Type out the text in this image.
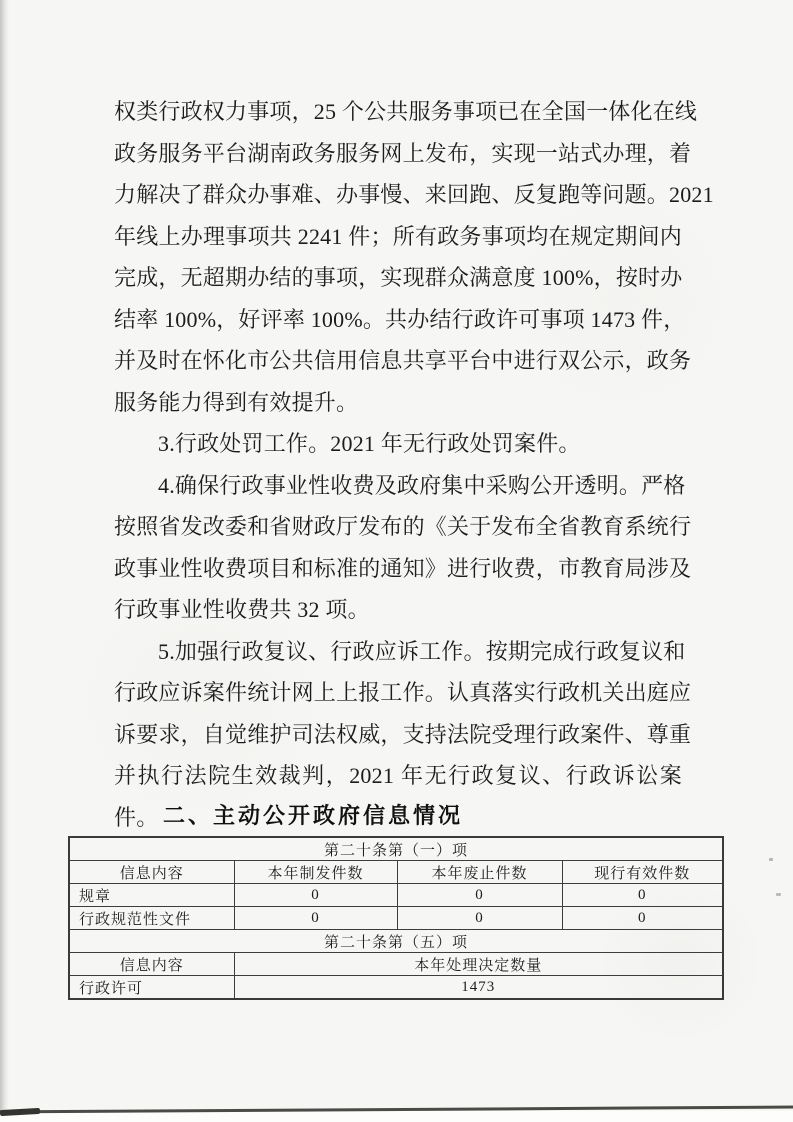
权类行政权力事项，25 个公共服务事项已在全国一体化在线
政务服务平台湖南政务服务网上发布，实现一站式办理，着
力解决了群众办事难、办事慢、来回跑、反复跑等问题。2021
年线上办理事项共 2241 件；所有政务事项均在规定期间内
完成，无超期办结的事项，实现群众满意度 100%，按时办
结率 100%，好评率 100%。共办结行政许可事项 1473 件，
并及时在怀化市公共信用信息共享平台中进行双公示，政务
服务能力得到有效提升。
3.行政处罚工作。2021 年无行政处罚案件。
4.确保行政事业性收费及政府集中采购公开透明。严格
按照省发改委和省财政厅发布的《关于发布全省教育系统行
政事业性收费项目和标准的通知》进行收费，市教育局涉及
行政事业性收费共 32 项。
5.加强行政复议、行政应诉工作。按期完成行政复议和
行政应诉案件统计网上上报工作。认真落实行政机关出庭应
诉要求，自觉维护司法权威，支持法院受理行政案件、尊重
并执行法院生效裁判，2021 年无行政复议、行政诉讼案件。 二、主动公开政府信息情况
第二十条第（一）项			
信息内容	本年制发件数	本年废止件数	现行有效件数
规章	0	0	0
行政规范性文件	0	0	0
第二十条第（五）项			
信息内容	本年处理决定数量		
行政许可	1473		
